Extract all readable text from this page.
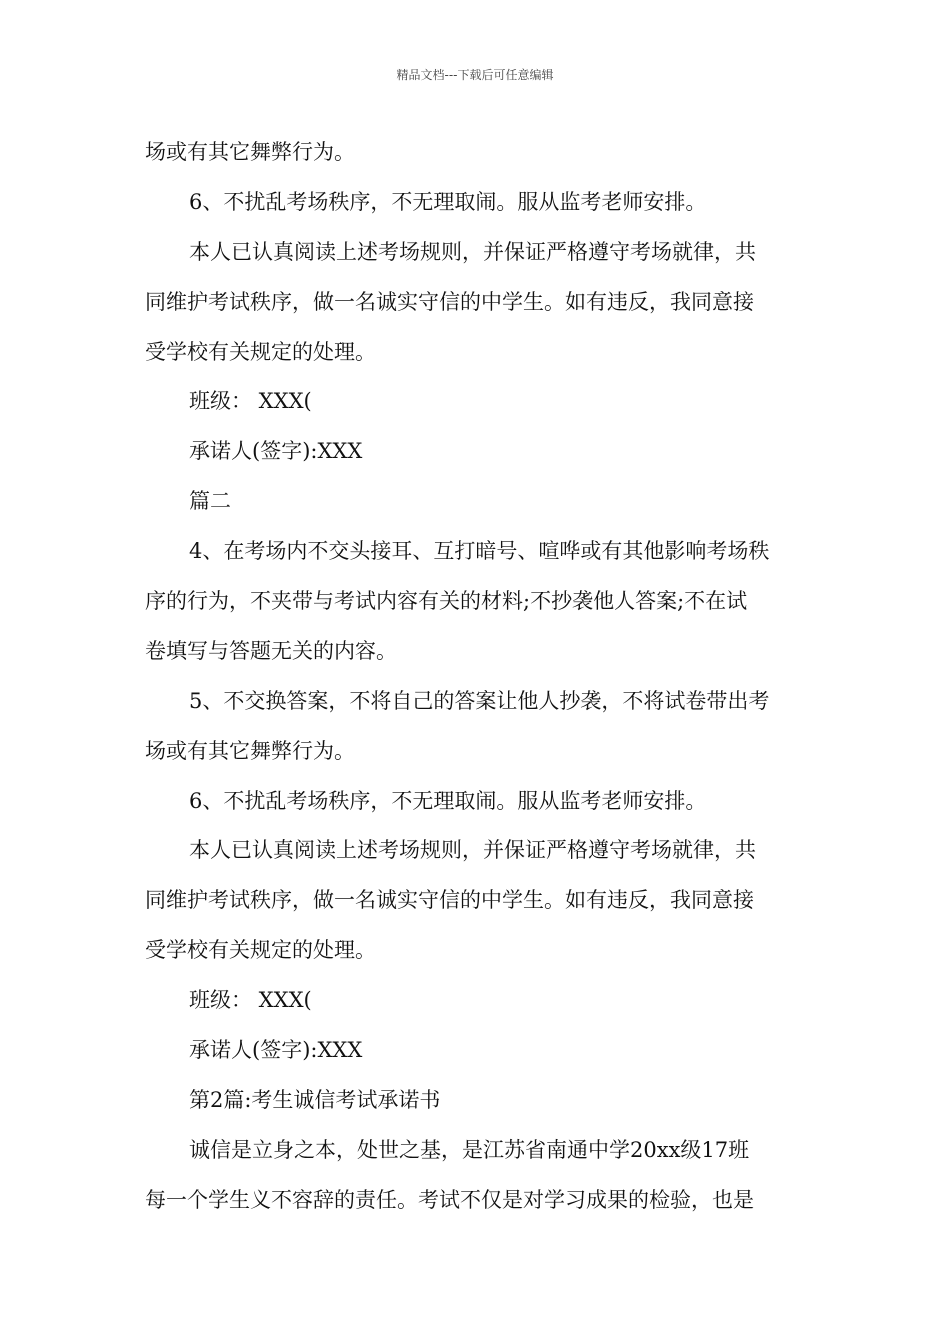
精品文档---下载后可任意编辑
场或有其它舞弊行为。
6、不扰乱考场秩序，不无理取闹。服从监考老师安排。
本人已认真阅读上述考场规则，并保证严格遵守考场就律，共
同维护考试秩序，做一名诚实守信的中学生。如有违反，我同意接
受学校有关规定的处理。
班级： XXX(
承诺人(签字):XXX
篇二
4、在考场内不交头接耳、互打暗号、喧哗或有其他影响考场秩
序的行为，不夹带与考试内容有关的材料;不抄袭他人答案;不在试
卷填写与答题无关的内容。
5、不交换答案，不将自己的答案让他人抄袭，不将试卷带出考
场或有其它舞弊行为。
6、不扰乱考场秩序，不无理取闹。服从监考老师安排。
本人已认真阅读上述考场规则，并保证严格遵守考场就律，共
同维护考试秩序，做一名诚实守信的中学生。如有违反，我同意接
受学校有关规定的处理。
班级： XXX(
承诺人(签字):XXX
第2篇:考生诚信考试承诺书
诚信是立身之本，处世之基，是江苏省南通中学20xx级17班
每一个学生义不容辞的责任。考试不仅是对学习成果的检验，也是
